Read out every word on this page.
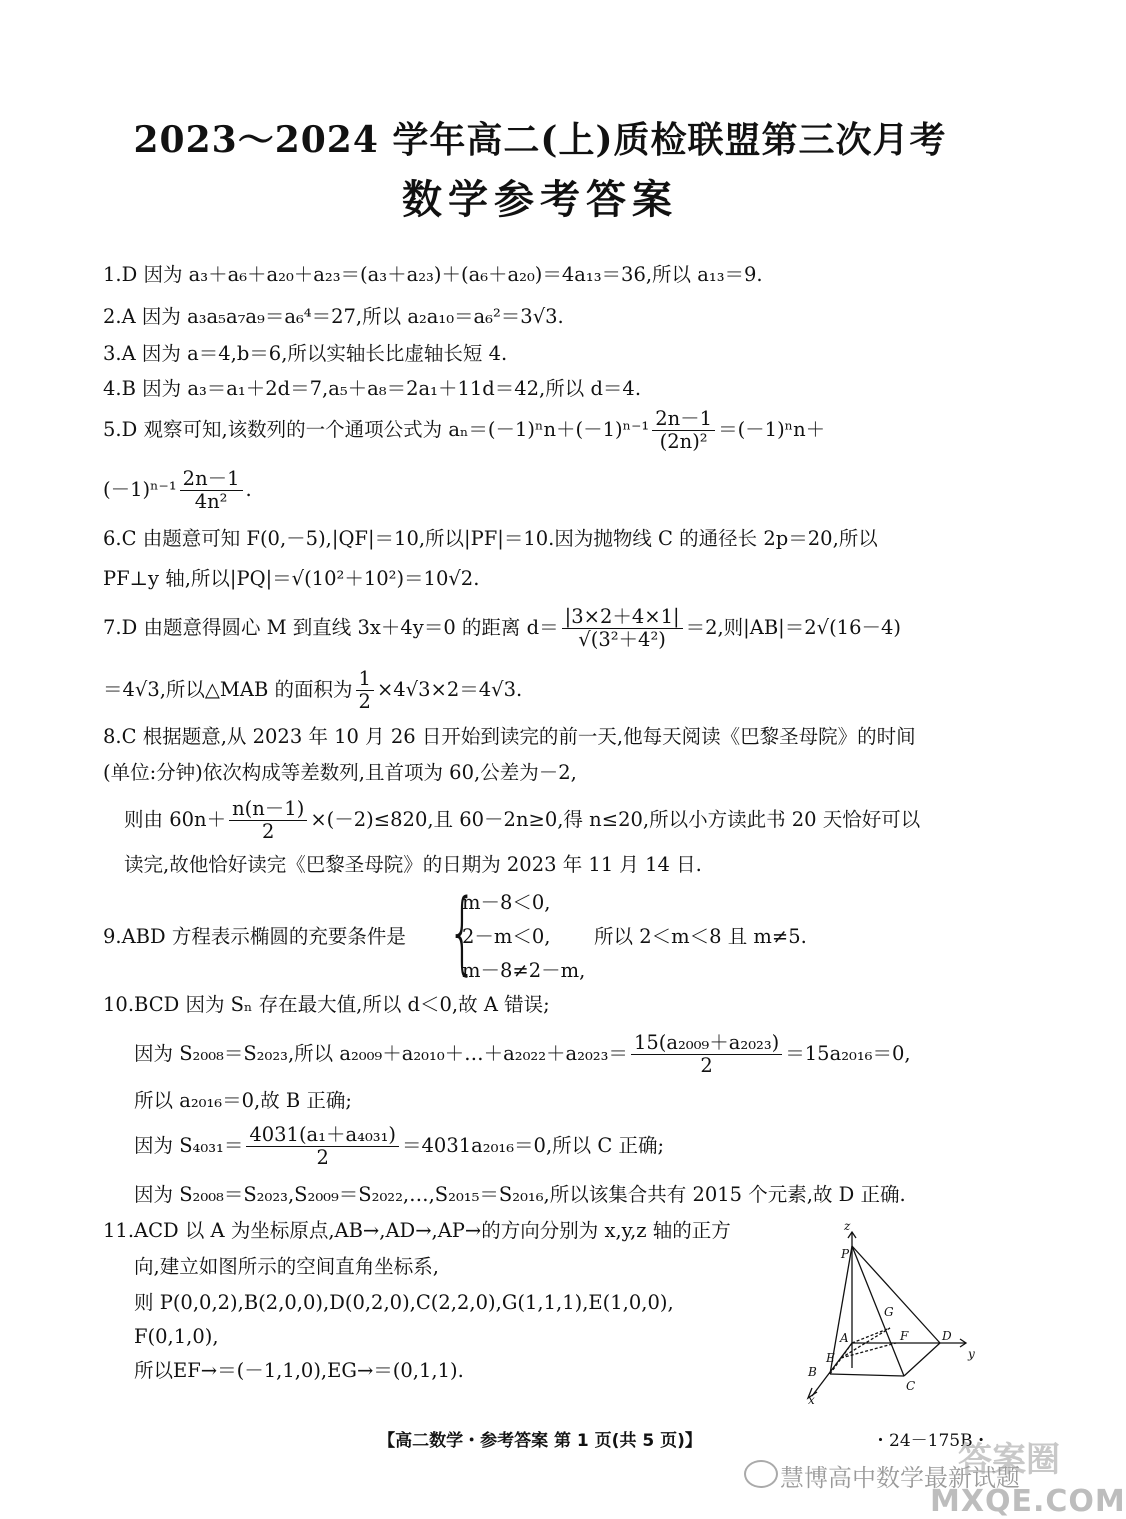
2023～2024 学年高二(上)质检联盟第三次月考
数学参考答案
1.D 因为 a₃＋a₆＋a₂₀＋a₂₃＝(a₃＋a₂₃)＋(a₆＋a₂₀)＝4a₁₃＝36,所以 a₁₃＝9.
2.A 因为 a₃a₅a₇a₉＝a₆⁴＝27,所以 a₂a₁₀＝a₆²＝3√3.
3.A 因为 a＝4,b＝6,所以实轴长比虚轴长短 4.
4.B 因为 a₃＝a₁＋2d＝7,a₅＋a₈＝2a₁＋11d＝42,所以 d＝4.
5.D 观察可知,该数列的一个通项公式为 $a_n=(-1)^nn+(-1)^{n-1} \frac{2n-1}{\text{(2n)²}} =(-1)^nn+$
$(-1)^{n-1} \frac{2n-1}{\text{4n²}}$ .
6.C 由题意可知 F(0,－5),|QF|＝10,所以|PF|＝10.因为抛物线 C 的通径长 2p＝20,所以
PF⊥y 轴,所以|PQ|＝√(10²＋10²)＝10√2.
7.D 由题意得圆心 M 到直线 3x＋4y＝0 的距离 $d= \frac{|3\times 2+4\times 1|}{\text{√(3²＋4²)}} =2$,则|AB|＝2√(16－4)
＝4√3,所以△MAB 的面积为 $\frac{1}{2} \times 4√3\times 2=4√3$.
8.C 根据题意,从 2023 年 10 月 26 日开始到读完的前一天,他每天阅读《巴黎圣母院》的时间
(单位:分钟)依次构成等差数列,且首项为 60,公差为－2,
则由 $60n+ \frac{n(n-1)}{2} \times(-2)\le 820$,且 60－2n≥0,得 n≤20,所以小方读此书 20 天恰好可以
读完,故他恰好读完《巴黎圣母院》的日期为 2023 年 11 月 14 日.
9.ABD 方程表示椭圆的充要条件是 {
m－8＜0,
2－m＜0,
m－8≠2－m,
所以 2＜m＜8 且 m≠5.
10.BCD 因为 Sₙ 存在最大值,所以 d＜0,故 A 错误;
因为 S₂₀₀₈＝S₂₀₂₃,所以 a₂₀₀₉＋a₂₀₁₀＋…＋a₂₀₂₂＋a₂₀₂₃＝ $\frac{\text{15(a₂₀₀₉＋a₂₀₂₃)}}{2} =15a_{2016}=0$,
所以 a₂₀₁₆＝0,故 B 正确;
因为 $S_{4031}= \frac{\text{4031(a₁＋a₄₀₃₁)}}{2} =4031a_{2016}=0$,所以 C 正确;
因为 S₂₀₀₈＝S₂₀₂₃,S₂₀₀₉＝S₂₀₂₂,…,S₂₀₁₅＝S₂₀₁₆,所以该集合共有 2015 个元素,故 D 正确.
11.ACD 以 A 为坐标原点,AB→,AD→,AP→的方向分别为 x,y,z 轴的正方
向,建立如图所示的空间直角坐标系,
则 P(0,0,2),B(2,0,0),D(0,2,0),C(2,2,0),G(1,1,1),E(1,0,0),
F(0,1,0),
所以EF→＝(－1,1,0),EG→＝(0,1,1).
z
P
G
A	F	D
y
E
B
C
x
【高二数学・参考答案 第 1 页(共 5 页)】	・24－175B・
答案圈
慧博高中数学最新试题
MXQE.COM
